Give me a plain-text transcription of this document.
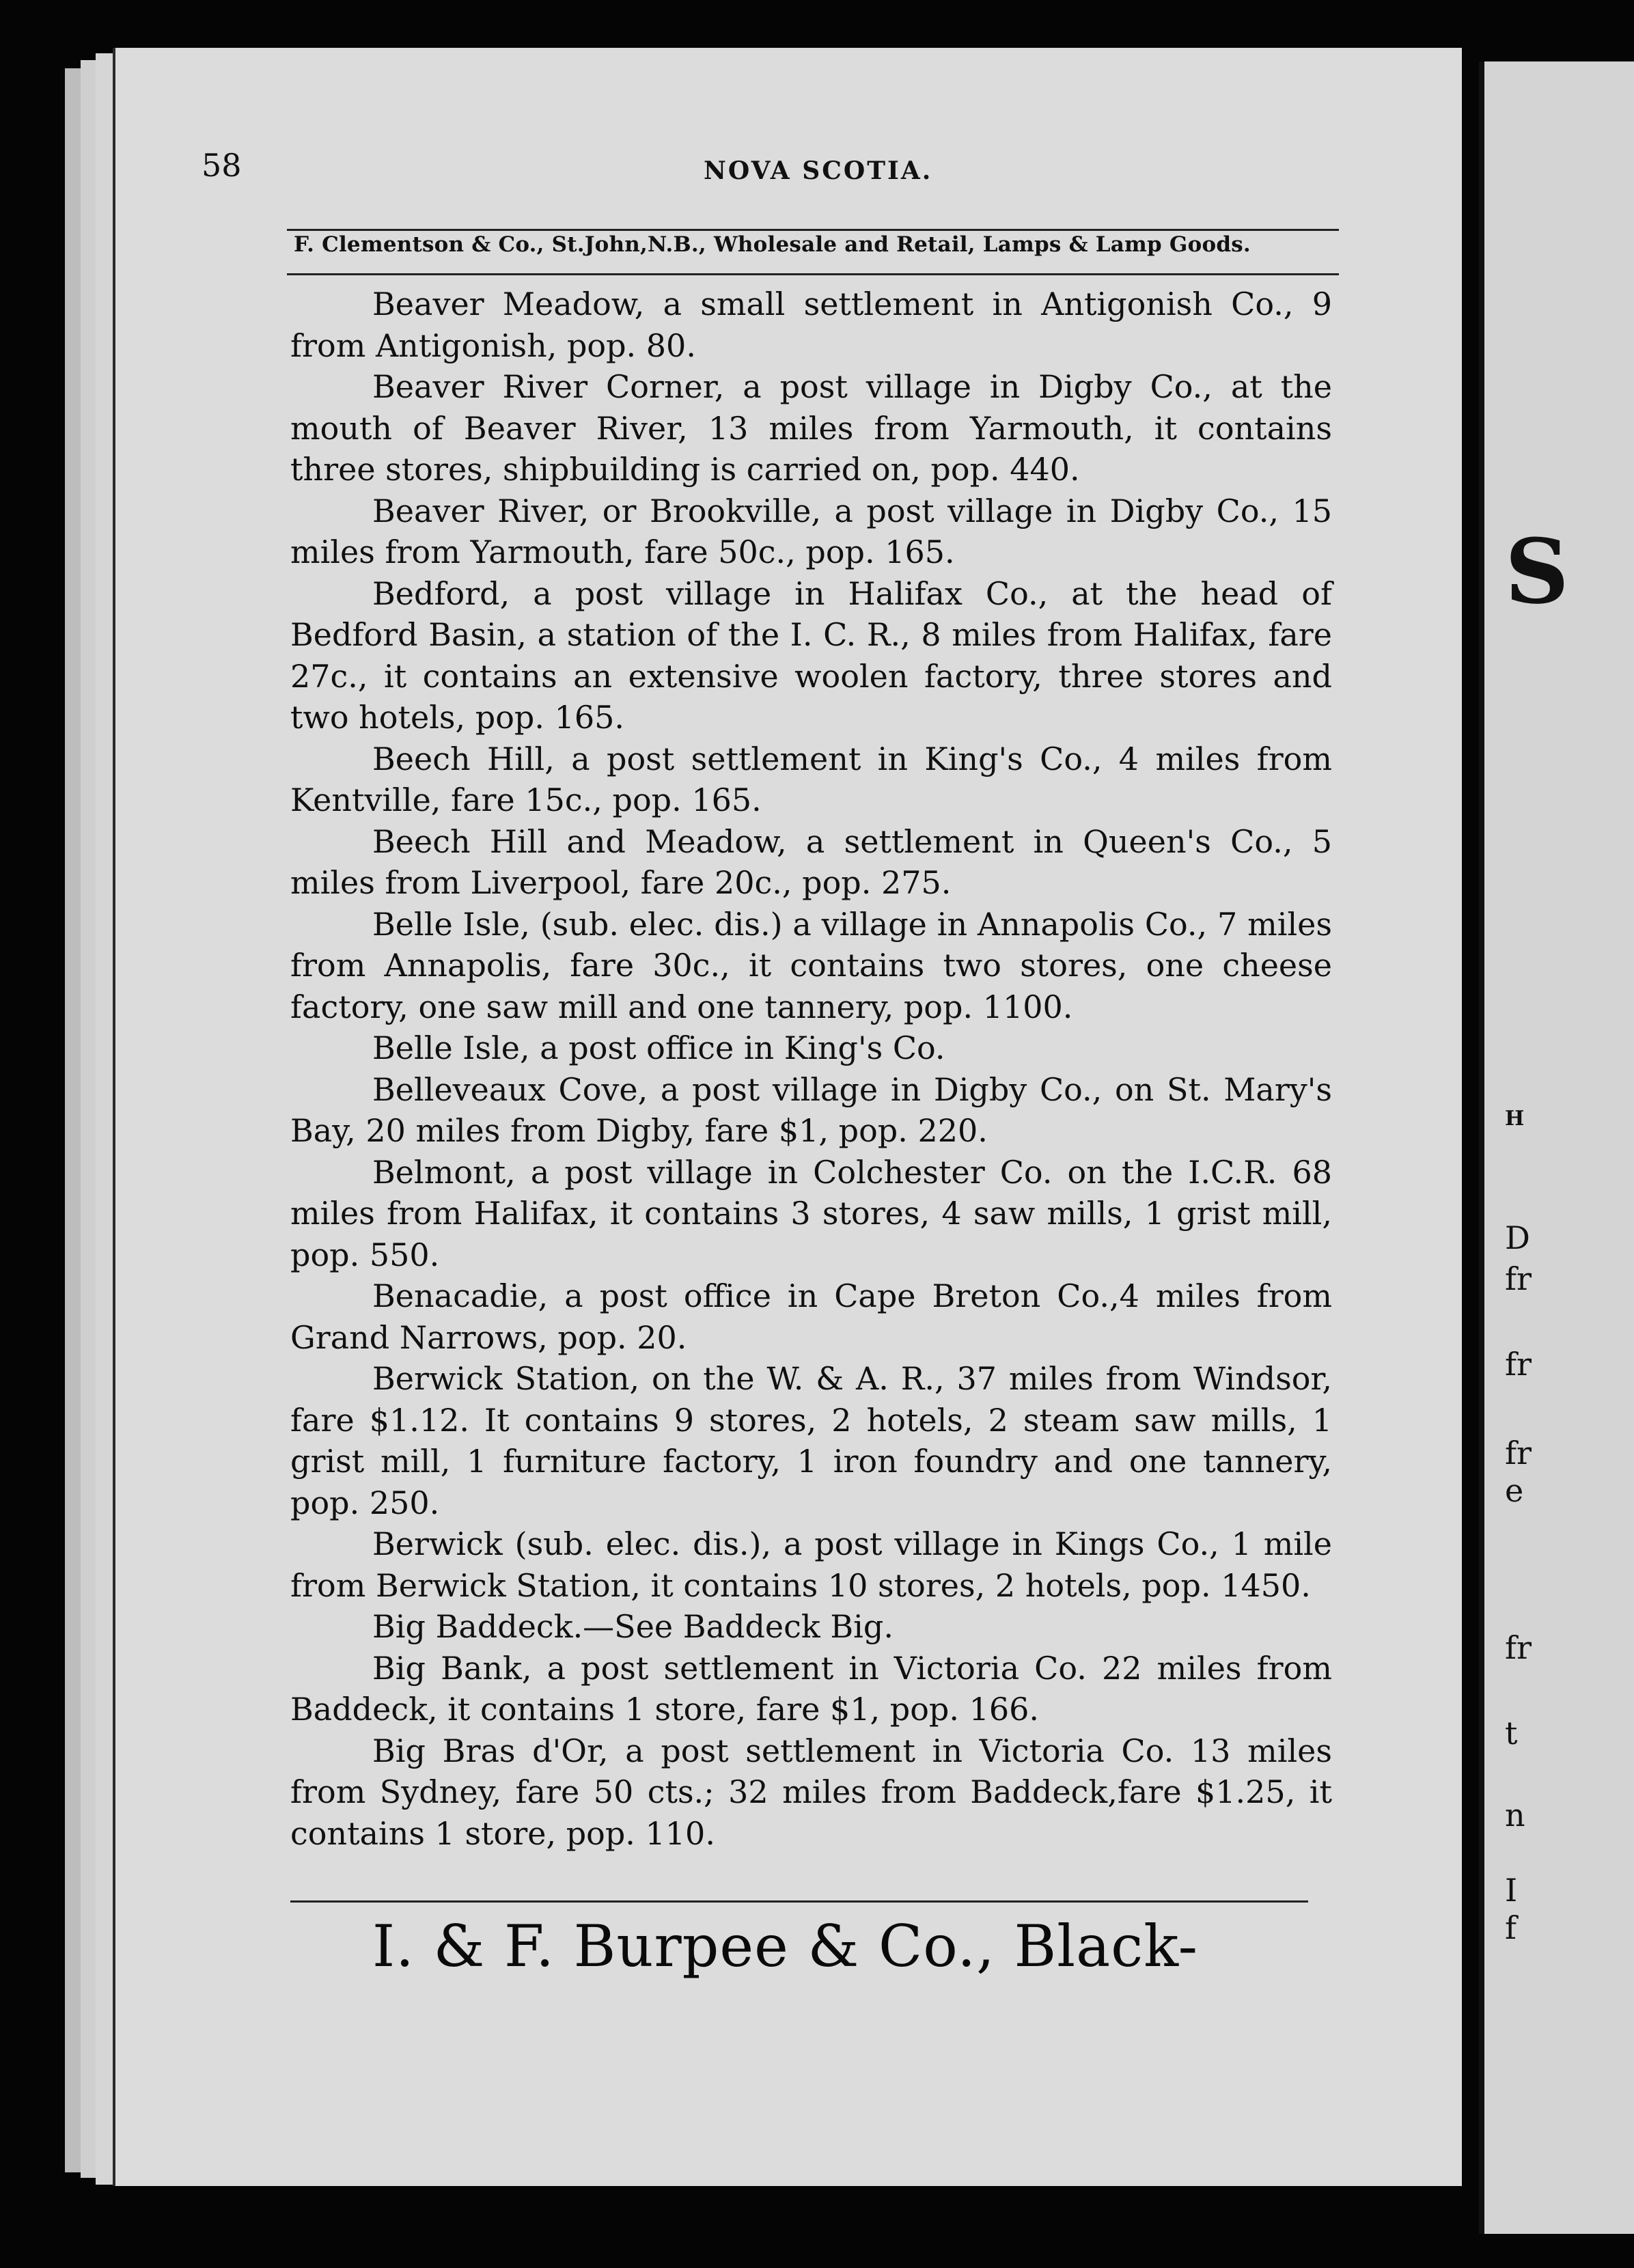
S
H
D
fr
fr
fr
e
fr
t
n
I
f
58	NOVA SCOTIA.
F. Clementson & Co., St.John,N.B., Wholesale and Retail, Lamps & Lamp Goods.

Beaver Meadow, a small settlement in Antigonish Co., 9 from Antigonish, pop. 80.

Beaver River Corner, a post village in Digby Co., at the mouth of Beaver River, 13 miles from Yarmouth, it contains three stores, shipbuilding is carried on, pop. 440.

Beaver River, or Brookville, a post village in Digby Co., 15 miles from Yarmouth, fare 50c., pop. 165.

Bedford, a post village in Halifax Co., at the head of Bedford Basin, a station of the I. C. R., 8 miles from Halifax, fare 27c., it contains an extensive woolen factory, three stores and two hotels, pop. 165.

Beech Hill, a post settlement in King's Co., 4 miles from Kentville, fare 15c., pop. 165.

Beech Hill and Meadow, a settlement in Queen's Co., 5 miles from Liverpool, fare 20c., pop. 275.

Belle Isle, (sub. elec. dis.) a village in Annapolis Co., 7 miles from Annapolis, fare 30c., it contains two stores, one cheese factory, one saw mill and one tannery, pop. 1100.

Belle Isle, a post office in King's Co.

Belleveaux Cove, a post village in Digby Co., on St. Mary's Bay, 20 miles from Digby, fare $1, pop. 220.

Belmont, a post village in Colchester Co. on the I.C.R. 68 miles from Halifax, it contains 3 stores, 4 saw mills, 1 grist mill, pop. 550.

Benacadie, a post office in Cape Breton Co.,4 miles from Grand Narrows, pop. 20.

Berwick Station, on the W. & A. R., 37 miles from Windsor, fare $1.12. It contains 9 stores, 2 hotels, 2 steam saw mills, 1 grist mill, 1 furniture factory, 1 iron foundry and one tannery, pop. 250.

Berwick (sub. elec. dis.), a post village in Kings Co., 1 mile from Berwick Station, it contains 10 stores, 2 hotels, pop. 1450.

Big Baddeck.—See Baddeck Big.

Big Bank, a post settlement in Victoria Co. 22 miles from Baddeck, it contains 1 store, fare $1, pop. 166.

Big Bras d'Or, a post settlement in Victoria Co. 13 miles from Sydney, fare 50 cts.; 32 miles from Baddeck,fare $1.25, it contains 1 store, pop. 110.

I. & F. Burpee & Co., Black-
